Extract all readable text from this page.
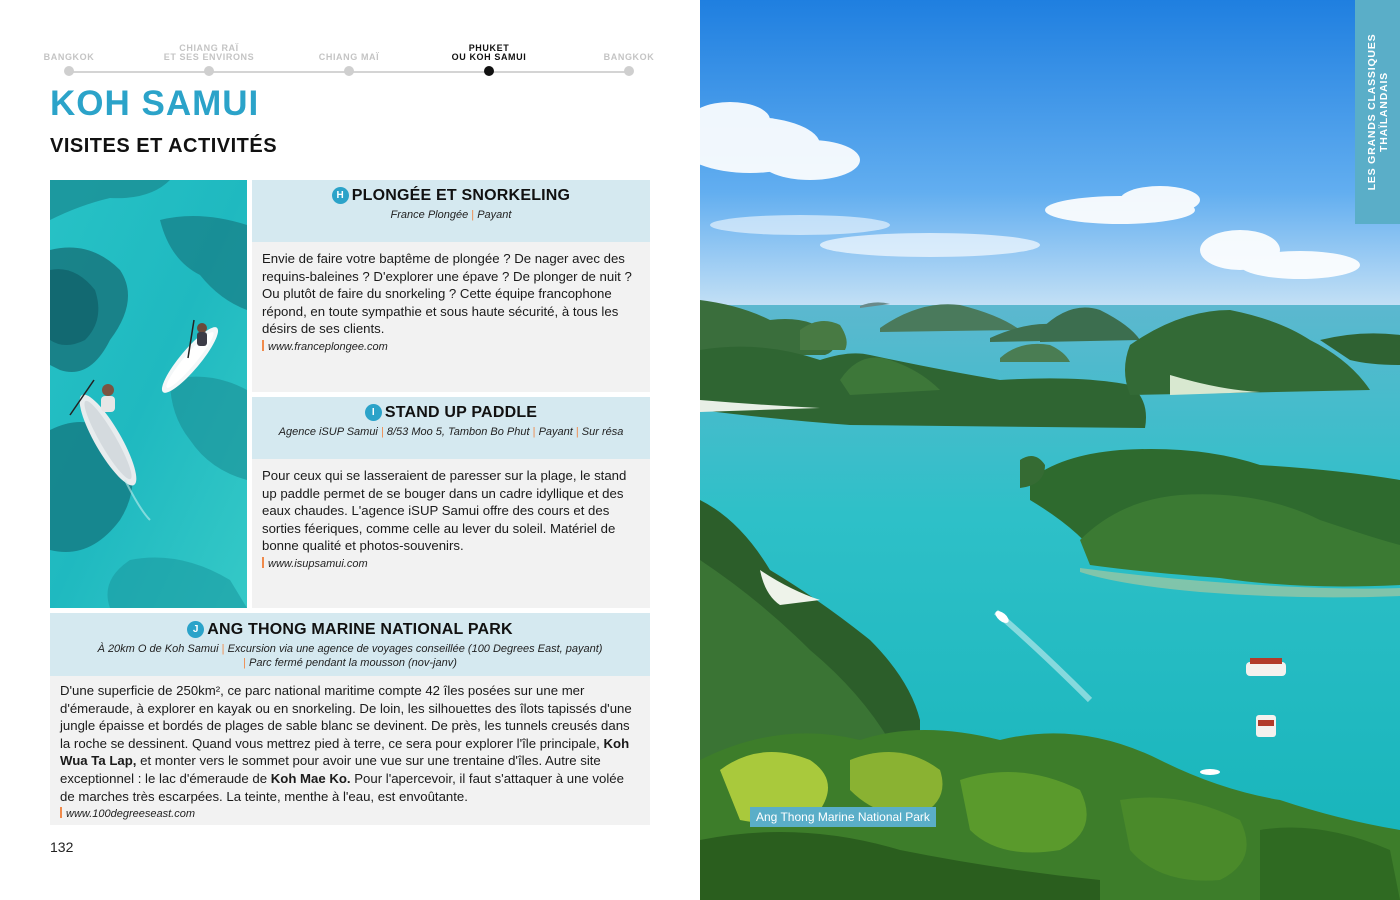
BANGKOK
CHIANG RAÏ
ET SES ENVIRONS	CHIANG MAÏ
PHUKET
OU KOH SAMUI	BANGKOK
KOH SAMUI
VISITES ET ACTIVITÉS
H PLONGÉE ET SNORKELING
France Plongée | Payant

Envie de faire votre baptême de plongée ? De nager avec des requins-baleines ? D'explorer une épave ? De plonger de nuit ? Ou plutôt de faire du snorkeling ? Cette équipe francophone répond, en toute sympathie et sous haute sécurité, à tous les désirs de ses clients.

www.franceplongee.com
I STAND UP PADDLE
Agence iSUP Samui | 8/53 Moo 5, Tambon Bo Phut | Payant | Sur résa

Pour ceux qui se lasseraient de paresser sur la plage, le stand up paddle permet de se bouger dans un cadre idyllique et des eaux chaudes. L'agence iSUP Samui offre des cours et des sorties féeriques, comme celle au lever du soleil. Matériel de bonne qualité et photos-souvenirs.

www.isupsamui.com
J ANG THONG MARINE NATIONAL PARK
À 20km O de Koh Samui | Excursion via une agence de voyages conseillée (100 Degrees East, payant)
| Parc fermé pendant la mousson (nov-janv)

D'une superficie de 250km², ce parc national maritime compte 42 îles posées sur une mer d'émeraude, à explorer en kayak ou en snorkeling. De loin, les silhouettes des îlots tapissés d'une jungle épaisse et bordés de plages de sable blanc se devinent. De près, les tunnels creusés dans la roche se dessinent. Quand vous mettrez pied à terre, ce sera pour explorer l'île principale, Koh Wua Ta Lap, et monter vers le sommet pour avoir une vue sur une trentaine d'îles. Autre site exceptionnel : le lac d'émeraude de Koh Mae Ko. Pour l'apercevoir, il faut s'attaquer à une volée de marches très escarpées. La teinte, menthe à l'eau, est envoûtante.

www.100degreeseast.com
132
LES GRANDS CLASSIQUES THAÏLANDAIS
Ang Thong Marine National Park
